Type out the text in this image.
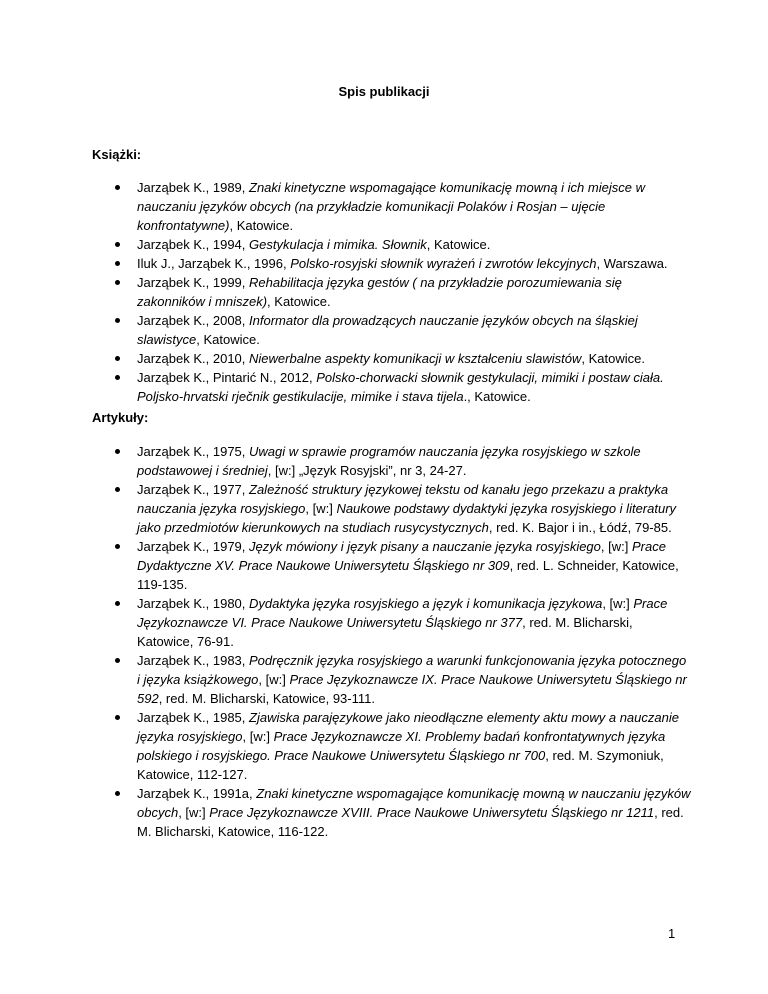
Spis publikacji
Książki:
Jarząbek K., 1989, Znaki kinetyczne wspomagające komunikację mowną i ich miejsce w nauczaniu języków obcych (na przykładzie komunikacji Polaków i Rosjan – ujęcie konfrontatywne), Katowice.
Jarząbek K., 1994, Gestykulacja i mimika. Słownik, Katowice.
Iluk J., Jarząbek K., 1996, Polsko-rosyjski słownik wyrażeń i zwrotów lekcyjnych, Warszawa.
Jarząbek K., 1999, Rehabilitacja języka gestów ( na przykładzie porozumiewania się zakonników i mniszek), Katowice.
Jarząbek K., 2008, Informator dla prowadzących nauczanie języków obcych na śląskiej slawistyce, Katowice.
Jarząbek K., 2010, Niewerbalne aspekty komunikacji w kształceniu slawistów, Katowice.
Jarząbek K., Pintarić N., 2012, Polsko-chorwacki słownik gestykulacji, mimiki i postaw ciała. Poljsko-hrvatski rječnik gestikulacije, mimike i stava tijela., Katowice.
Artykuły:
Jarząbek K., 1975, Uwagi w sprawie programów nauczania języka rosyjskiego w szkole podstawowej i średniej, [w:] „Język Rosyjski”, nr 3, 24-27.
Jarząbek K., 1977, Zależność struktury językowej tekstu od kanału jego przekazu a praktyka nauczania języka rosyjskiego, [w:] Naukowe podstawy dydaktyki języka rosyjskiego i literatury jako przedmiotów kierunkowych na studiach rusycystycznych, red. K. Bajor i in., Łódź, 79-85.
Jarząbek K., 1979, Język mówiony i język pisany a nauczanie języka rosyjskiego, [w:] Prace Dydaktyczne XV. Prace Naukowe Uniwersytetu Śląskiego nr 309, red. L. Schneider, Katowice, 119-135.
Jarząbek K., 1980, Dydaktyka języka rosyjskiego a język i komunikacja językowa, [w:] Prace Językoznawcze VI. Prace Naukowe Uniwersytetu Śląskiego nr 377, red. M. Blicharski, Katowice, 76-91.
Jarząbek K., 1983, Podręcznik języka rosyjskiego a warunki funkcjonowania języka potocznego i języka książkowego, [w:] Prace Językoznawcze IX. Prace Naukowe Uniwersytetu Śląskiego nr 592, red. M. Blicharski, Katowice, 93-111.
Jarząbek K., 1985, Zjawiska parajęzykowe jako nieodłączne elementy aktu mowy a nauczanie języka rosyjskiego, [w:] Prace Językoznawcze XI. Problemy badań konfrontatywnych języka polskiego i rosyjskiego. Prace Naukowe Uniwersytetu Śląskiego nr 700, red. M. Szymoniuk, Katowice, 112-127.
Jarząbek K., 1991a, Znaki kinetyczne wspomagające komunikację mowną w nauczaniu języków obcych, [w:] Prace Językoznawcze XVIII. Prace Naukowe Uniwersytetu Śląskiego nr 1211, red. M. Blicharski, Katowice, 116-122.
1
